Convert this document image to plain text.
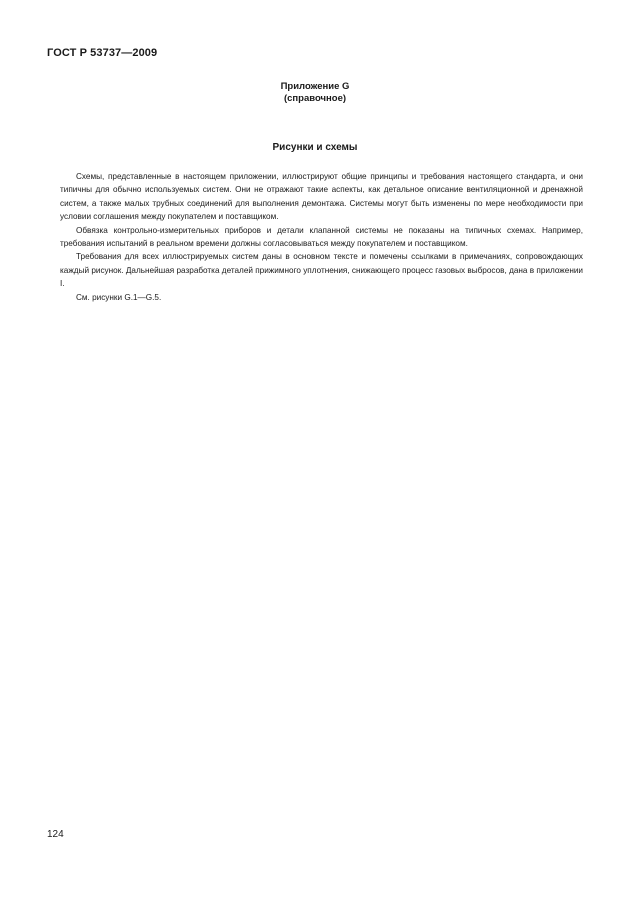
ГОСТ Р 53737—2009
Приложение G
(справочное)
Рисунки и схемы

Схемы, представленные в настоящем приложении, иллюстрируют общие принципы и требования настоящего стандарта, и они типичны для обычно используемых систем. Они не отражают такие аспекты, как детальное описание вентиляционной и дренажной систем, а также малых трубных соединений для выполнения демонтажа. Системы могут быть изменены по мере необходимости при условии соглашения между покупателем и поставщиком.

Обвязка контрольно-измерительных приборов и детали клапанной системы не показаны на типичных схемах. Например, требования испытаний в реальном времени должны согласовываться между покупателем и поставщиком.

Требования для всех иллюстрируемых систем даны в основном тексте и помечены ссылками в примечаниях, сопровождающих каждый рисунок. Дальнейшая разработка деталей прижимного уплотнения, снижающего процесс газовых выбросов, дана в приложении I.

См. рисунки G.1—G.5.

124
